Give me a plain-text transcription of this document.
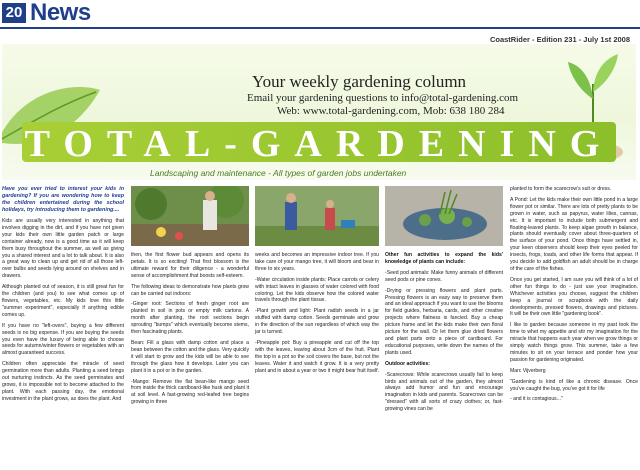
20 News
CoastRider - Edition 231 - July 1st 2008
Your weekly gardening column
Email your gardening questions to info@total-gardening.com
Web: www.total-gardening.com, Mob: 638 180 284
TOTAL-GARDENING
Landscaping and maintenance - All types of garden jobs undertaken

Have you ever tried to interest your kids in gardening? If you are wondering how to keep the children entertained during the school holidays, try introducing them to gardening....

Kids are usually very interested in anything that involves digging in the dirt, and if you have not given your kids their own little garden patch or large container already, now is a good time as it will keep them busy throughout the summer, as well as giving you a shared interest and a lot to talk about. It is also a great way to clean up and get rid of all those left-over bulbs and seeds lying around on shelves and in drawers.

Although planted out of season, it is still great fun for the children (and you) to see what comes up of flowers, vegetables, etc. My kids love this little "summer experiment", especially if anything edible comes up.

If you have no "left-overs", buying a few different seeds is no big expense. If you are buying the seeds you even have the luxury of being able to choose seeds for autumn/winter flowers or vegetables with an almost guaranteed success.

Children often appreciate the miracle of seed germination more than adults. Planting a seed brings out nurturing instincts. As the seed germinates and grows, it is impossible not to become attached to the plant. With each passing day, the emotional investment in the plant grows, as does the plant. And

then, the first flower bud appears and opens its petals. It is so exciting! That first blossom is the ultimate reward for their diligence - a wonderful sense of accomplishment that boosts self-esteem.

The following ideas to demonstrate how plants grow can be carried out indoors:

-Ginger root: Sections of fresh ginger root are planted in soil in pots or empty milk cartons. A month after planting, the root sections begin sprouting "bumps" which eventually become stems, then fascinating plants.

Bean: Fill a glass with damp cotton and place a bean between the cotton and the glass. Very quickly it will start to grow and the kids will be able to see through the glass how it develops. Later you can plant it in a pot or in the garden.

-Mango: Remove the flat bean-like mango seed from inside the thick cardboard-like husk and plant it at soil level. A fast-growing red-leafed tree begins growing in three

weeks and becomes an impressive indoor tree. If you take care of your mango tree, it will bloom and bear in three to six years.

-Water circulation inside plants: Place carrots or celery with intact leaves in glasses of water colored with food coloring. Let the kids observe how the colored water travels through the plant tissue.

-Plant growth and light: Plant radish seeds in a jar stuffed with damp cotton. Seeds germinate and grow in the direction of the sun regardless of which way the jar is turned.

-Pineapple pot: Buy a pineapple and cut off the top with the leaves, leaving about 3cm of the fruit. Plant the top in a pot so the soil covers the base, but not the leaves. Water it and watch it grow. It is a very pretty plant and in about a year or two it might bear fruit itself.

Other fun activities to expand the kids' knowledge of plants can include:

-Seed pod animals: Make funny animals of different seed pods or pine cones.

-Drying or pressing flowers and plant parts. Pressing flowers is an easy way to preserve them and an ideal approach if you want to use the blooms for field guides, herbaria, cards, and other creative projects where flatness is fancied. Buy a cheap picture frame and let the kids make their own floral picture for the wall. Or let them glue dried flowers and plant parts onto a piece of cardboard. For educational purposes, write down the names of the plants used.

Outdoor activities:

-Scarecrows: While scarecrows usually fail to keep birds and animals out of the garden, they almost always add humor and fun and encourage imagination in kids and parents. Scarecrows can be "dressed" with all sorts of crazy clothes; or, fast-growing vines can be

planted to form the scarecrow's suit or dress.

A Pond: Let the kids make their own little pond in a large flower pot or similar. There are lots of pretty plants to be grown in water, such as papyrus, water lilies, cannas, etc. It is important to include both submergent and floating-leaved plants. To keep algae growth in balance, plants should eventually cover about three-quarters of the surface of your pond. Once things have settled in, your keen observers should keep their eyes peeled for insects, frogs, toads, and other life forms that appear. If you decide to add goldfish an adult should be in charge of the care of the fishes.

Once you get started, I am sure you will think of a lot of other fun things to do - just use your imagination. Whichever activities you choose, suggest the children keep a journal or scrapbook with the daily developments, pressed flowers, drawings and pictures. It will be their own little "gardening book".

I like to garden because someone in my past took the time to whet my appetite and stir my imagination for the miracle that happens each year when we grow things or simply watch things grow. This summer, take a few minutes to sit on your terrace and ponder how your passion for gardening originated.

Marc Vijverberg

"Gardening is kind of like a chronic disease. Once you've caught the bug, you've got it for life

- and it is contagious..."
